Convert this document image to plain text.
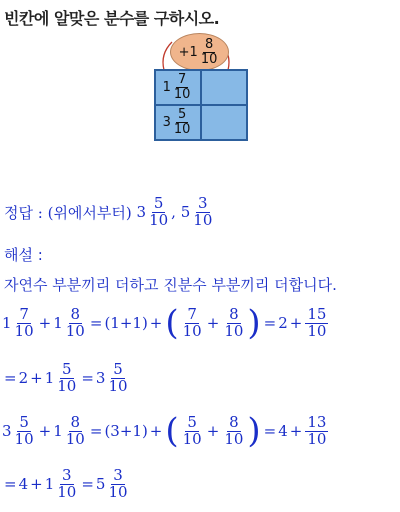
빈칸에 알맞은 분수를 구하시오.
+ $1 \frac{8}{10}$
$1 \frac{7}{10}$
$3 \frac{5}{10}$
정답 :
(위에서부터)
$3 \frac{5}{10}$ ,
$5 \frac{3}{10}$
해설 :
자연수 부분끼리 더하고 진분수 부분끼리 더합니다.
$1 \frac{7}{10} + 1 \frac{8}{10} = (1+1)$ + ( $\frac{7}{10} + \frac{8}{10}$ ) = $2 + \frac{15}{10}$
= $2 + 1 \frac{5}{10} = 3 \frac{5}{10}$
$3 \frac{5}{10} + 1 \frac{8}{10} = (3+1)$ + ( $\frac{5}{10} + \frac{8}{10}$ ) = $4 + \frac{13}{10}$
= $4 + 1 \frac{3}{10} = 5 \frac{3}{10}$
